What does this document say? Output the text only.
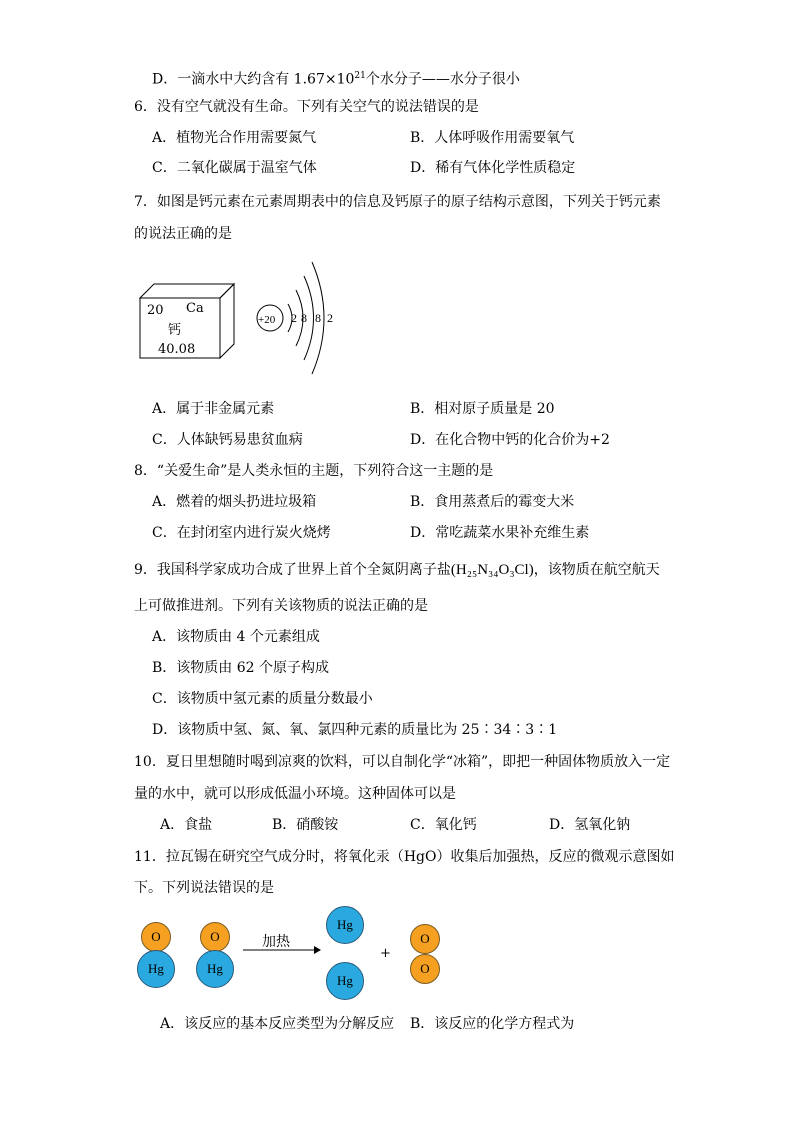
D．一滴水中大约含有 $1.67\times 10^{21}$个水分子——水分子很小
6．没有空气就没有生命。下列有关空气的说法错误的是
A．植物光合作用需要氮气	B．人体呼吸作用需要氧气
C．二氧化碳属于温室气体	D．稀有气体化学性质稳定
7．如图是钙元素在元素周期表中的信息及钙原子的原子结构示意图，下列关于钙元素
的说法正确的是
20 Ca
钙
40.08
+20 2 8 8 2
A．属于非金属元素	B．相对原子质量是 20
C．人体缺钙易患贫血病	D．在化合物中钙的化合价为+2
8．“关爱生命”是人类永恒的主题，下列符合这一主题的是
A．燃着的烟头扔进垃圾箱	B．食用蒸煮后的霉变大米
C．在封闭室内进行炭火烧烤	D．常吃蔬菜水果补充维生素
9．我国科学家成功合成了世界上首个全氮阴离子盐(H₂₅N₃₄O₃Cl)，该物质在航空航天
上可做推进剂。下列有关该物质的说法正确的是
A．该物质由 4 个元素组成
B．该物质由 62 个原子构成
C．该物质中氢元素的质量分数最小
D．该物质中氢、氮、氧、氯四种元素的质量比为 25∶34∶3∶1
10．夏日里想随时喝到凉爽的饮料，可以自制化学“冰箱”，即把一种固体物质放入一定
量的水中，就可以形成低温小环境。这种固体可以是
A．食盐	B．硝酸铵	C．氧化钙	D．氢氧化钠
11．拉瓦锡在研究空气成分时，将氧化汞（HgO）收集后加强热，反应的微观示意图如
下。下列说法错误的是
O
Hg
O
Hg
加热
Hg
Hg
+
O
O
A．该反应的基本反应类型为分解反应 B．该反应的化学方程式为
